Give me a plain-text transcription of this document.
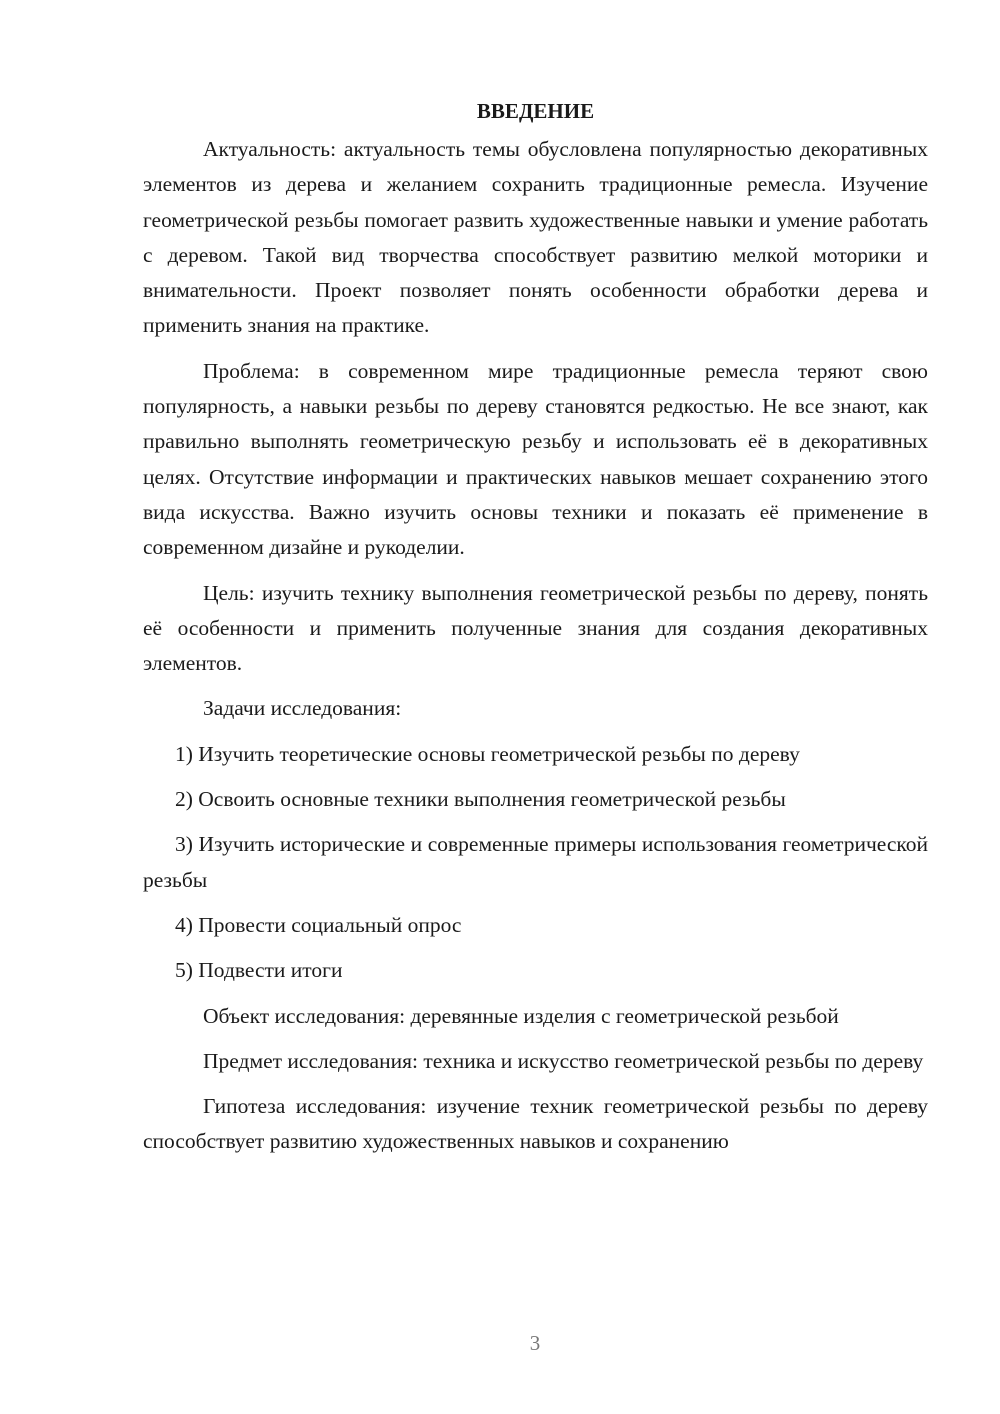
ВВЕДЕНИЕ

Актуальность: актуальность темы обусловлена популярностью декоративных элементов из дерева и желанием сохранить традиционные ремесла. Изучение геометрической резьбы помогает развить художественные навыки и умение работать с деревом. Такой вид творчества способствует развитию мелкой моторики и внимательности. Проект позволяет понять особенности обработки дерева и применить знания на практике.

Проблема: в современном мире традиционные ремесла теряют свою популярность, а навыки резьбы по дереву становятся редкостью. Не все знают, как правильно выполнять геометрическую резьбу и использовать её в декоративных целях. Отсутствие информации и практических навыков мешает сохранению этого вида искусства. Важно изучить основы техники и показать её применение в современном дизайне и рукоделии.

Цель: изучить технику выполнения геометрической резьбы по дереву, понять её особенности и применить полученные знания для создания декоративных элементов.

Задачи исследования:

1) Изучить теоретические основы геометрической резьбы по дереву

2) Освоить основные техники выполнения геометрической резьбы

3) Изучить исторические и современные примеры использования геометрической резьбы

4) Провести социальный опрос

5) Подвести итоги

Объект исследования: деревянные изделия с геометрической резьбой

Предмет исследования: техника и искусство геометрической резьбы по дереву

Гипотеза исследования: изучение техник геометрической резьбы по дереву способствует развитию художественных навыков и сохранению

3
